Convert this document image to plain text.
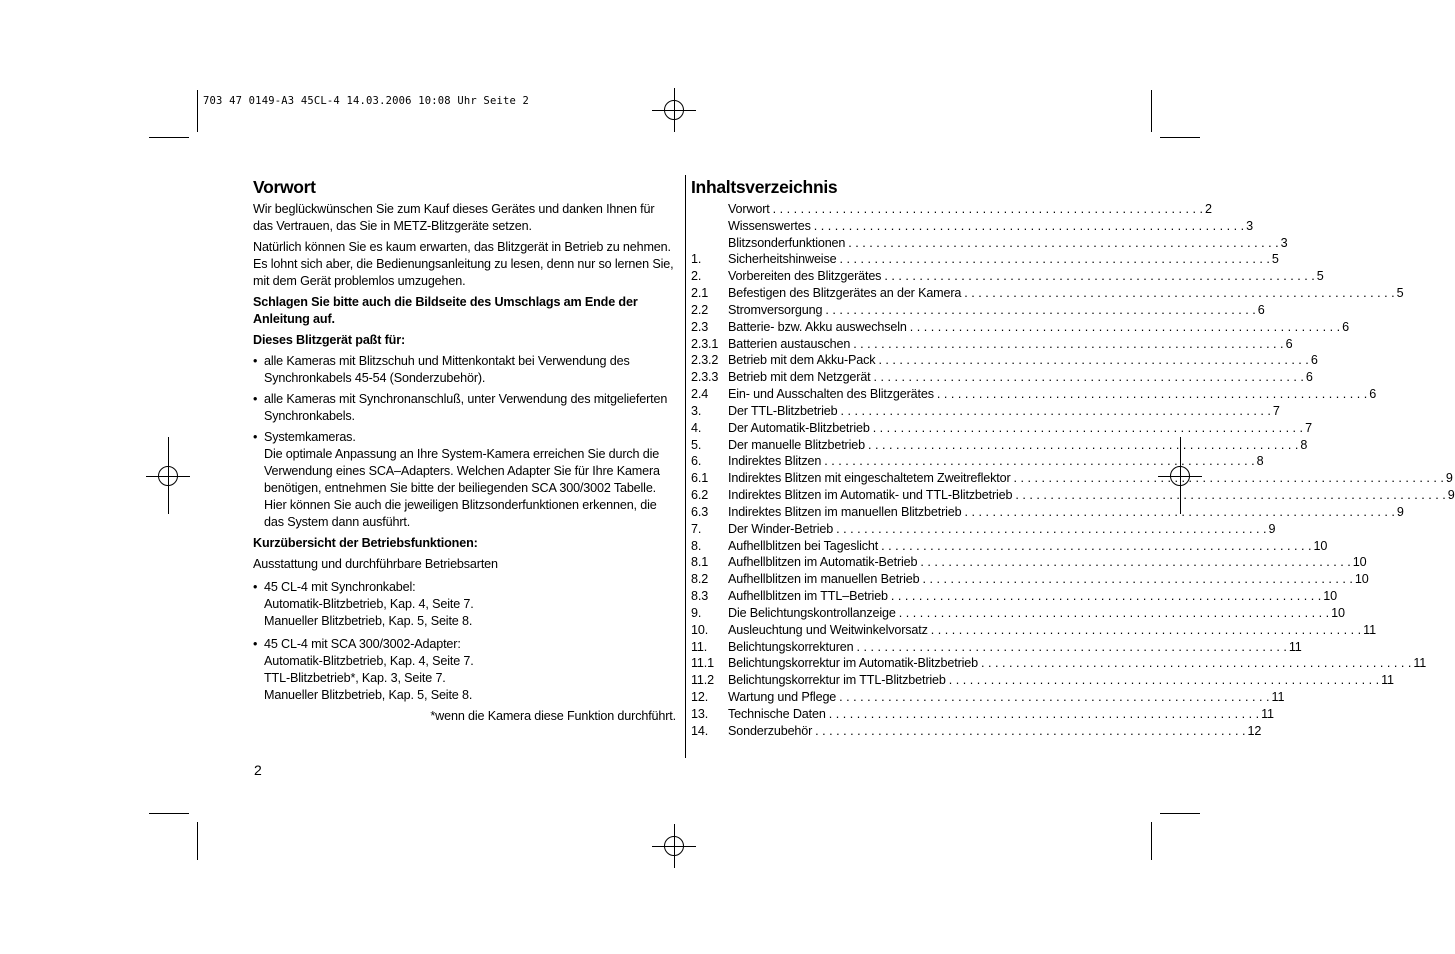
703 47 0149-A3 45CL-4 14.03.2006 10:08 Uhr Seite 2
Vorwort

Wir beglückwünschen Sie zum Kauf dieses Gerätes und danken Ihnen für das Vertrauen, das Sie in METZ-Blitzgeräte setzen.

Natürlich können Sie es kaum erwarten, das Blitzgerät in Betrieb zu nehmen. Es lohnt sich aber, die Bedienungsanleitung zu lesen, denn nur so lernen Sie, mit dem Gerät problemlos umzugehen.

Schlagen Sie bitte auch die Bildseite des Umschlags am Ende der Anleitung auf.

Dieses Blitzgerät paßt für:

• alle Kameras mit Blitzschuh und Mittenkontakt bei Verwendung des Synchronkabels 45-54 (Sonderzubehör).
• alle Kameras mit Synchronanschluß, unter Verwendung des mitgelieferten Synchronkabels.
• Systemkameras.
Die optimale Anpassung an Ihre System-Kamera erreichen Sie durch die Verwendung eines SCA–Adapters. Welchen Adapter Sie für Ihre Kamera benötigen, entnehmen Sie bitte der beiliegenden SCA 300/3002 Tabelle. Hier können Sie auch die jeweiligen Blitzsonderfunktionen erkennen, die das System dann ausführt.

Kurzübersicht der Betriebsfunktionen:

Ausstattung und durchführbare Betriebsarten

• 45 CL-4 mit Synchronkabel:
Automatik-Blitzbetrieb, Kap. 4, Seite 7.
Manueller Blitzbetrieb, Kap. 5, Seite 8.
• 45 CL-4 mit SCA 300/3002-Adapter:
Automatik-Blitzbetrieb, Kap. 4, Seite 7.
TTL-Blitzbetrieb*, Kap. 3, Seite 7.
Manueller Blitzbetrieb, Kap. 5, Seite 8.
*wenn die Kamera diese Funktion durchführt.
2
Inhaltsverzeichnis
Vorwort . . .	2
Wissenswertes . . .	3
Blitzsonderfunktionen . . .	3
1.	Sicherheitshinweise . . .	5
2.	Vorbereiten des Blitzgerätes . . .	5
2.1	Befestigen des Blitzgerätes an der Kamera . . .	5
2.2	Stromversorgung . . .	6
2.3	Batterie- bzw. Akku auswechseln . . .	6
2.3.1 Batterien austauschen . . .	6
2.3.2 Betrieb mit dem Akku-Pack . . .	6
2.3.3 Betrieb mit dem Netzgerät . . .	6
2.4	Ein- und Ausschalten des Blitzgerätes . . .	6
3.	Der TTL-Blitzbetrieb . . .	7
4.	Der Automatik-Blitzbetrieb . . .	7
5.	Der manuelle Blitzbetrieb . . .	8
6.	Indirektes Blitzen . . .	8
6.1	Indirektes Blitzen mit eingeschaltetem Zweitreflektor . . .	9
6.2	Indirektes Blitzen im Automatik- und TTL-Blitzbetrieb . . .	9
6.3	Indirektes Blitzen im manuellen Blitzbetrieb . . .	9
7.	Der Winder-Betrieb . . .	9
8.	Aufhellblitzen bei Tageslicht . . .	10
8.1	Aufhellblitzen im Automatik-Betrieb . . .	10
8.2	Aufhellblitzen im manuellen Betrieb . . .	10
8.3	Aufhellblitzen im TTL–Betrieb . . .	10
9.	Die Belichtungskontrollanzeige . . .	10
10.	Ausleuchtung und Weitwinkelvorsatz . . .	11
11.	Belichtungskorrekturen . . .	11
11.1	Belichtungskorrektur im Automatik-Blitzbetrieb . . .	11
11.2	Belichtungskorrektur im TTL-Blitzbetrieb . . .	11
12.	Wartung und Pflege . . .	11
13.	Technische Daten . . .	11
14.	Sonderzubehör . . .	12
